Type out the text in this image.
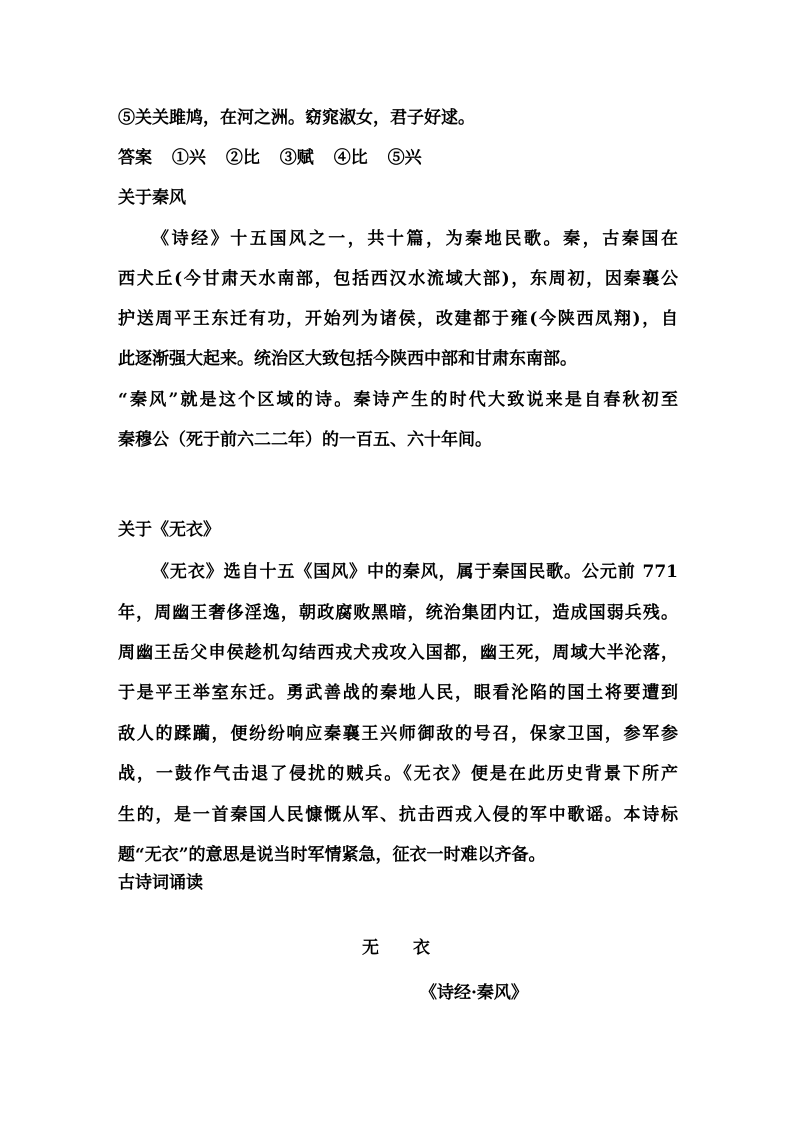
⑤关关雎鸠，在河之洲。窈窕淑女，君子好逑。
答案 ①兴 ②比 ③赋 ④比 ⑤兴
关于秦风
《诗经》十五国风之一，共十篇，为秦地民歌。秦，古秦国在
西犬丘(今甘肃天水南部，包括西汉水流域大部)，东周初，因秦襄公
护送周平王东迁有功，开始列为诸侯，改建都于雍(今陕西凤翔)，自
此逐渐强大起来。统治区大致包括今陕西中部和甘肃东南部。
“秦风”就是这个区域的诗。秦诗产生的时代大致说来是自春秋初至
秦穆公（死于前六二二年）的一百五、六十年间。
关于《无衣》
《无衣》选自十五《国风》中的秦风，属于秦国民歌。公元前 771
年，周幽王奢侈淫逸，朝政腐败黑暗，统治集团内讧，造成国弱兵残。
周幽王岳父申侯趁机勾结西戎犬戎攻入国都，幽王死，周域大半沦落，
于是平王举室东迁。勇武善战的秦地人民，眼看沦陷的国土将要遭到
敌人的蹂躏，便纷纷响应秦襄王兴师御敌的号召，保家卫国，参军参
战，一鼓作气击退了侵扰的贼兵。《无衣》便是在此历史背景下所产
生的，是一首秦国人民慷慨从军、抗击西戎入侵的军中歌谣。本诗标
题“无衣”的意思是说当时军情紧急，征衣一时难以齐备。
古诗词诵读
无　　衣
《诗经·秦风》
